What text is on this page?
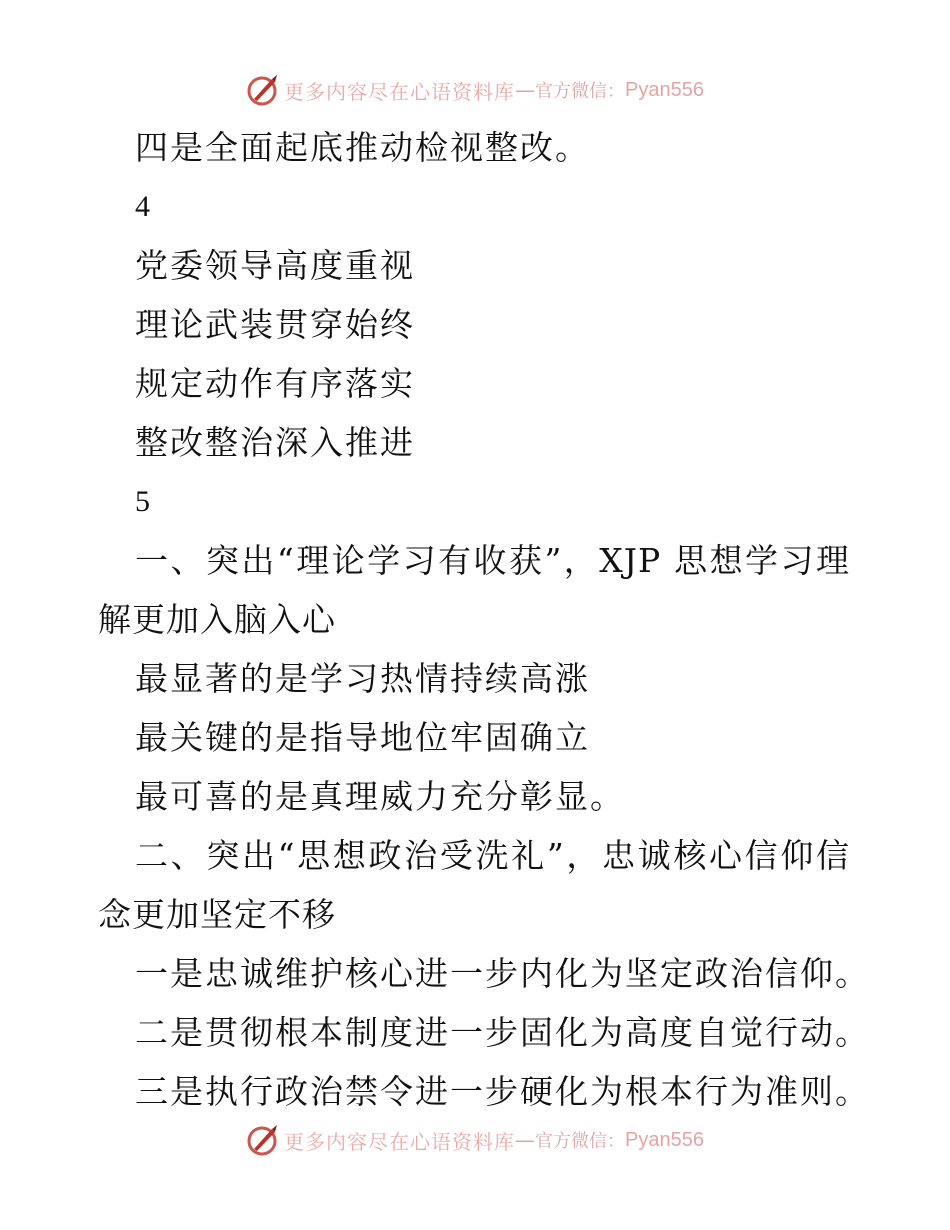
更多内容尽在心语资料库 — 官方微信： Pyan556

四是全面起底推动检视整改。

4

党委领导高度重视

理论武装贯穿始终

规定动作有序落实

整改整治深入推进

5

一、突出“理论学习有收获”，XJP 思想学习理解更加入脑入心

最显著的是学习热情持续高涨

最关键的是指导地位牢固确立

最可喜的是真理威力充分彰显。

二、突出“思想政治受洗礼”，忠诚核心信仰信念更加坚定不移

一是忠诚维护核心进一步内化为坚定政治信仰。

二是贯彻根本制度进一步固化为高度自觉行动。

三是执行政治禁令进一步硬化为根本行为准则。

更多内容尽在心语资料库 — 官方微信： Pyan556
